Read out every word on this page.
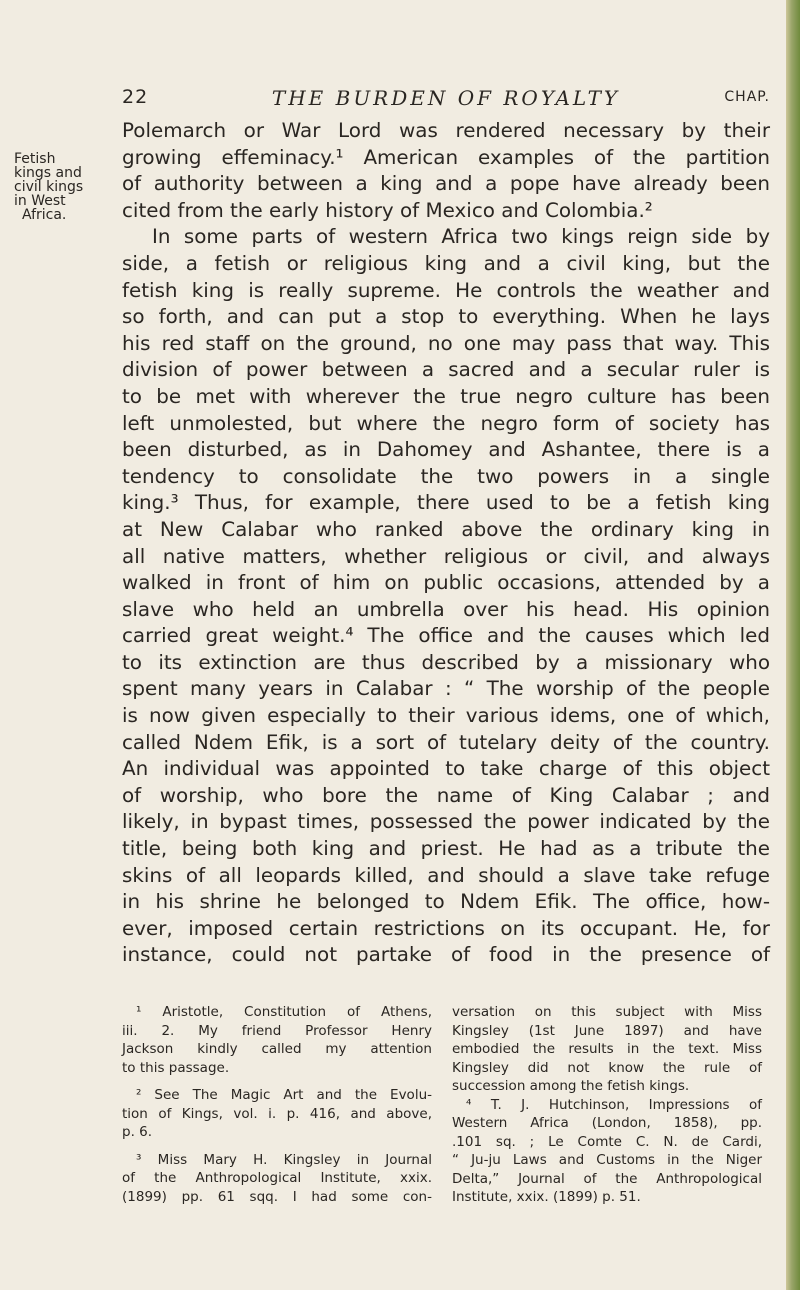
22	THE BURDEN OF ROYALTY	CHAP.
Fetish
kings and
civil kings
in West
Africa.
Polemarch or War Lord was rendered necessary by their
growing effeminacy.¹ American examples of the partition
of authority between a king and a pope have already been
cited from the early history of Mexico and Colombia.²
In some parts of western Africa two kings reign side by
side, a fetish or religious king and a civil king, but the
fetish king is really supreme. He controls the weather and
so forth, and can put a stop to everything. When he lays
his red staff on the ground, no one may pass that way. This
division of power between a sacred and a secular ruler is
to be met with wherever the true negro culture has been
left unmolested, but where the negro form of society has
been disturbed, as in Dahomey and Ashantee, there is a
tendency to consolidate the two powers in a single
king.³ Thus, for example, there used to be a fetish king
at New Calabar who ranked above the ordinary king in
all native matters, whether religious or civil, and always
walked in front of him on public occasions, attended by a
slave who held an umbrella over his head. His opinion
carried great weight.⁴ The office and the causes which led
to its extinction are thus described by a missionary who
spent many years in Calabar : “ The worship of the people
is now given especially to their various idems, one of which,
called Ndem Efik, is a sort of tutelary deity of the country.
An individual was appointed to take charge of this object
of worship, who bore the name of King Calabar ; and
likely, in bypast times, possessed the power indicated by the
title, being both king and priest. He had as a tribute the
skins of all leopards killed, and should a slave take refuge
in his shrine he belonged to Ndem Efik. The office, how-
ever, imposed certain restrictions on its occupant. He, for
instance, could not partake of food in the presence of
¹ Aristotle, Constitution of Athens,
iii. 2. My friend Professor Henry
Jackson kindly called my attention
to this passage.
² See The Magic Art and the Evolu-
tion of Kings, vol. i. p. 416, and above,
p. 6.
³ Miss Mary H. Kingsley in Journal
of the Anthropological Institute, xxix.
(1899) pp. 61 sqq. I had some con-
versation on this subject with Miss
Kingsley (1st June 1897) and have
embodied the results in the text. Miss
Kingsley did not know the rule of
succession among the fetish kings.
⁴ T. J. Hutchinson, Impressions of
Western Africa (London, 1858), pp.
.101 sq. ; Le Comte C. N. de Cardi,
“ Ju-ju Laws and Customs in the Niger
Delta,” Journal of the Anthropological
Institute, xxix. (1899) p. 51.
